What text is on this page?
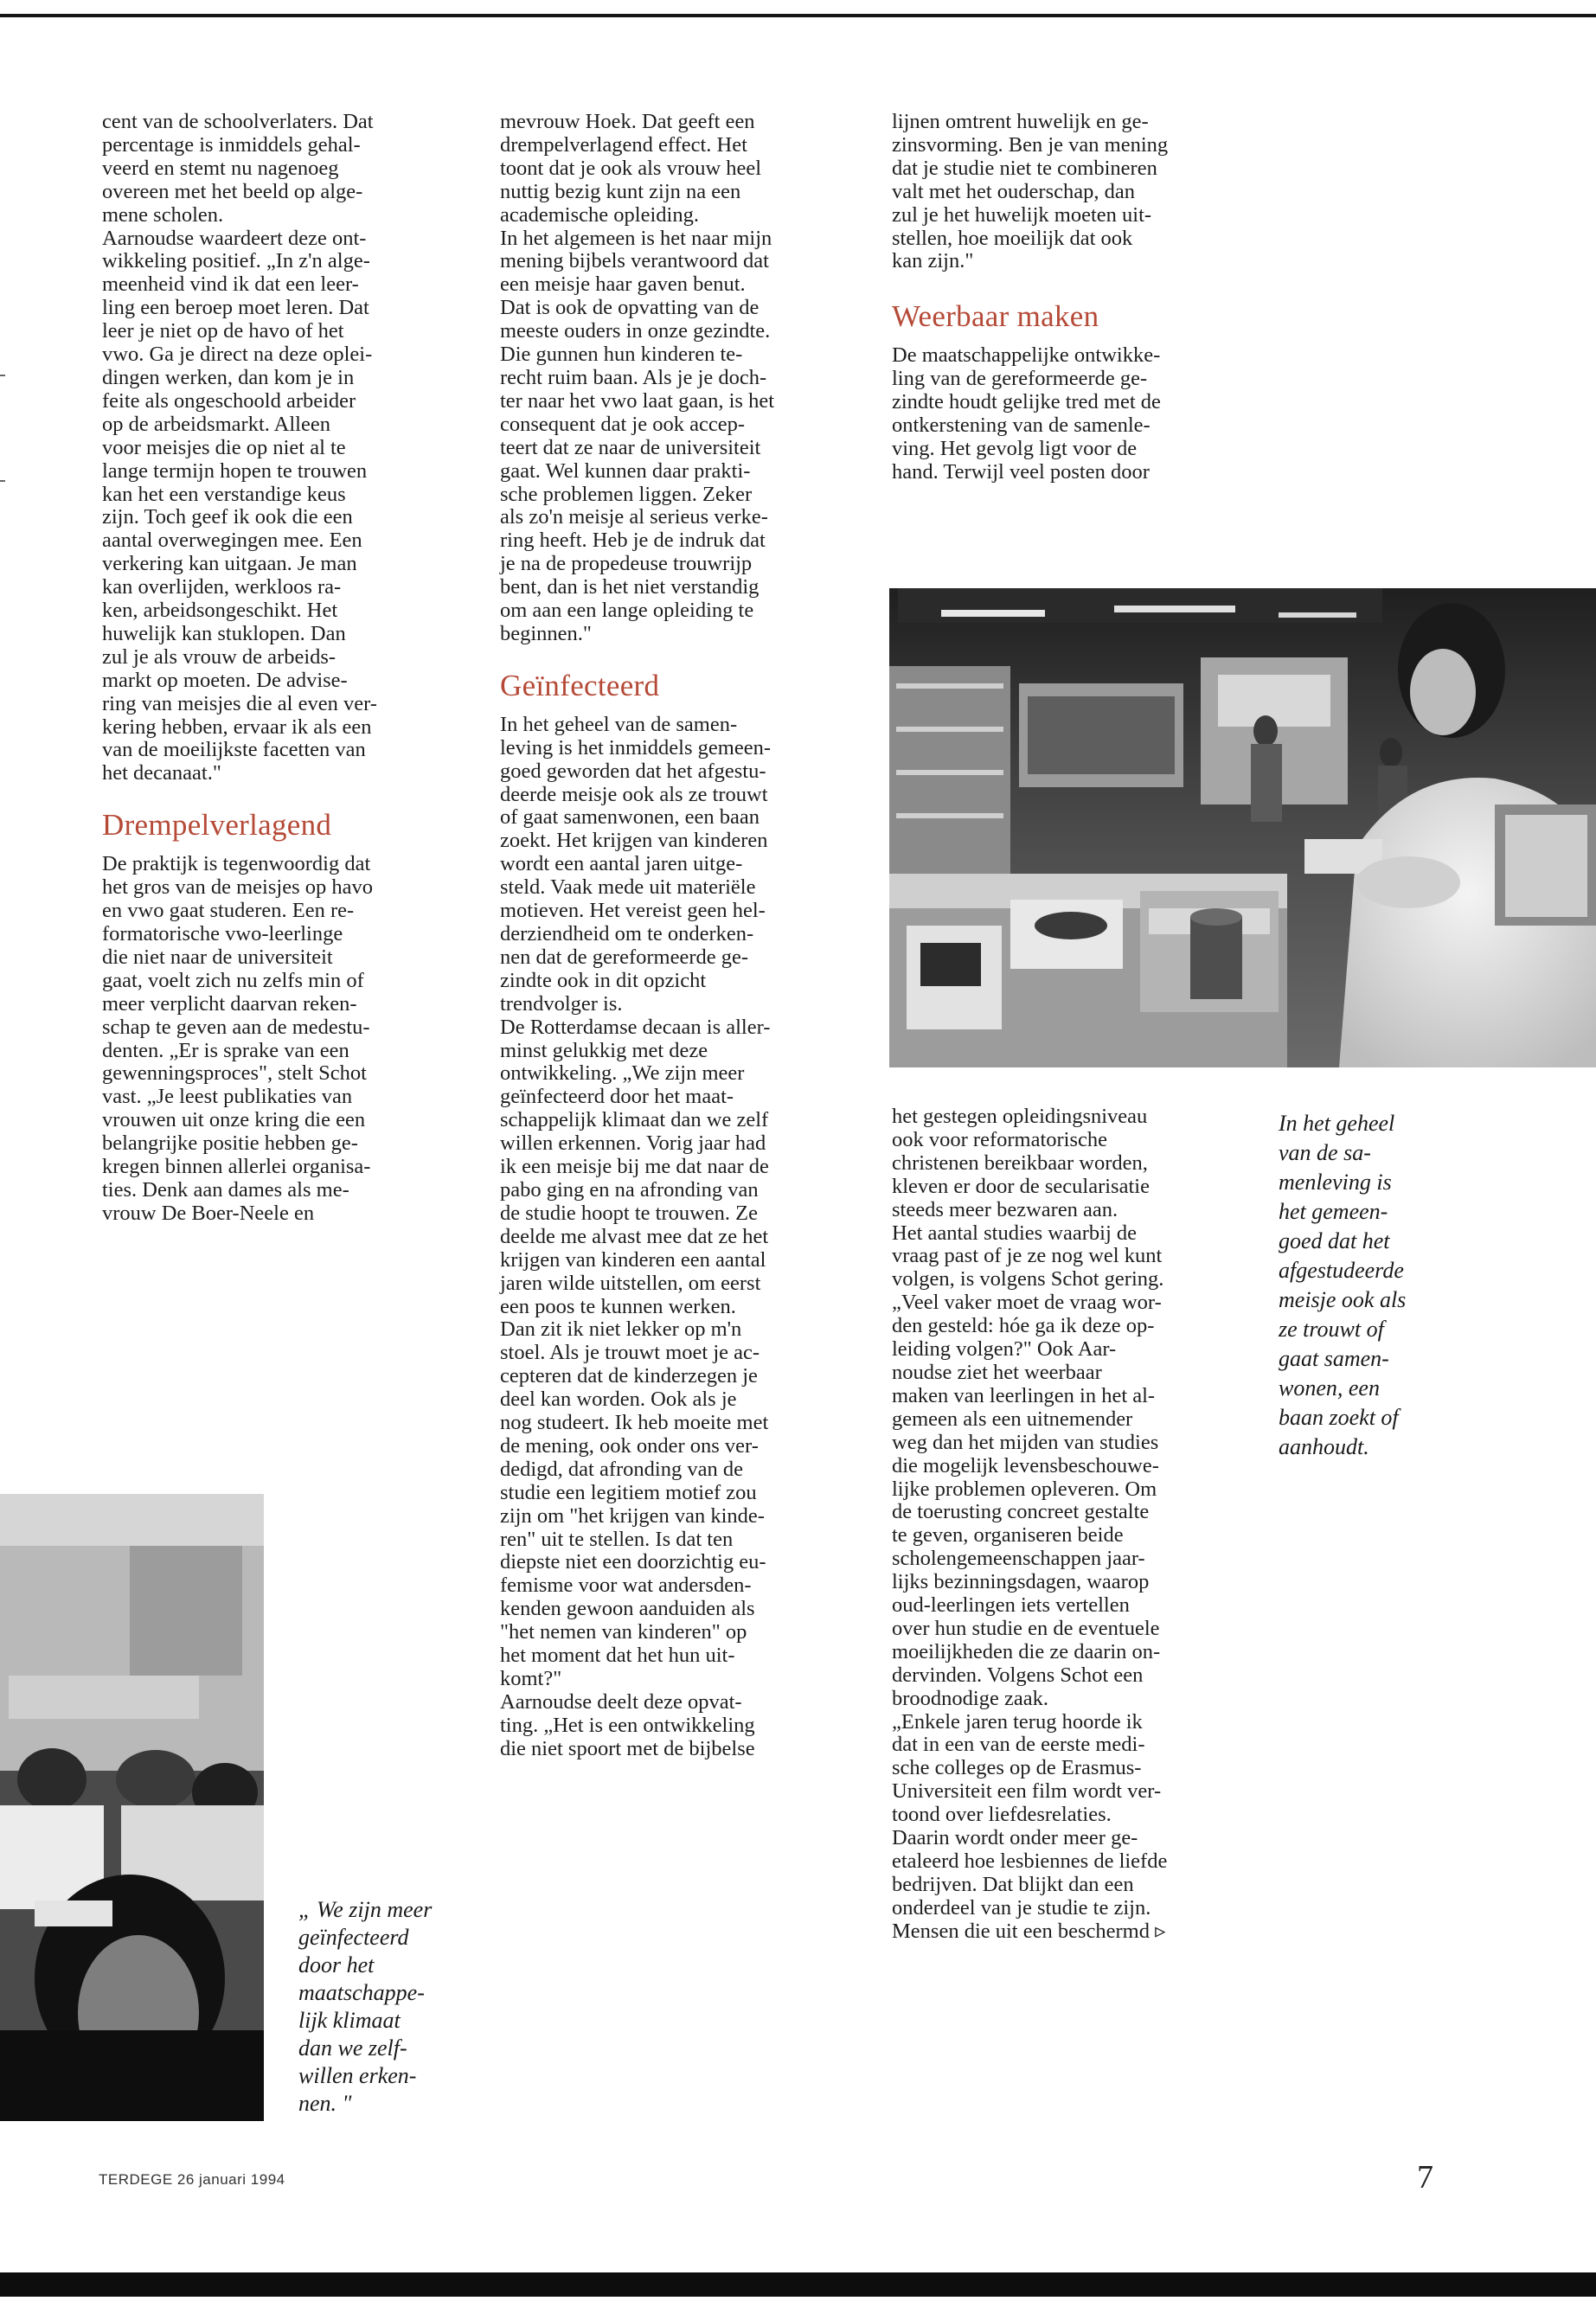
cent van de schoolverlaters. Dat

percentage is inmiddels gehal-

veerd en stemt nu nagenoeg

overeen met het beeld op alge-

mene scholen.

Aarnoudse waardeert deze ont-

wikkeling positief. „In z'n alge-

meenheid vind ik dat een leer-

ling een beroep moet leren. Dat

leer je niet op de havo of het

vwo. Ga je direct na deze oplei-

dingen werken, dan kom je in

feite als ongeschoold arbeider

op de arbeidsmarkt. Alleen

voor meisjes die op niet al te

lange termijn hopen te trouwen

kan het een verstandige keus

zijn. Toch geef ik ook die een

aantal overwegingen mee. Een

verkering kan uitgaan. Je man

kan overlijden, werkloos ra-

ken, arbeidsongeschikt. Het

huwelijk kan stuklopen. Dan

zul je als vrouw de arbeids-

markt op moeten. De advise-

ring van meisjes die al even ver-

kering hebben, ervaar ik als een

van de moeilijkste facetten van

het decanaat."

Drempelverlagend

De praktijk is tegenwoordig dat

het gros van de meisjes op havo

en vwo gaat studeren. Een re-

formatorische vwo-leerlinge

die niet naar de universiteit

gaat, voelt zich nu zelfs min of

meer verplicht daarvan reken-

schap te geven aan de medestu-

denten. „Er is sprake van een

gewenningsproces", stelt Schot

vast. „Je leest publikaties van

vrouwen uit onze kring die een

belangrijke positie hebben ge-

kregen binnen allerlei organisa-

ties. Denk aan dames als me-

vrouw De Boer-Neele en

mevrouw Hoek. Dat geeft een

drempelverlagend effect. Het

toont dat je ook als vrouw heel

nuttig bezig kunt zijn na een

academische opleiding.

In het algemeen is het naar mijn

mening bijbels verantwoord dat

een meisje haar gaven benut.

Dat is ook de opvatting van de

meeste ouders in onze gezindte.

Die gunnen hun kinderen te-

recht ruim baan. Als je je doch-

ter naar het vwo laat gaan, is het

consequent dat je ook accep-

teert dat ze naar de universiteit

gaat. Wel kunnen daar prakti-

sche problemen liggen. Zeker

als zo'n meisje al serieus verke-

ring heeft. Heb je de indruk dat

je na de propedeuse trouwrijp

bent, dan is het niet verstandig

om aan een lange opleiding te

beginnen."

Geïnfecteerd

In het geheel van de samen-

leving is het inmiddels gemeen-

goed geworden dat het afgestu-

deerde meisje ook als ze trouwt

of gaat samenwonen, een baan

zoekt. Het krijgen van kinderen

wordt een aantal jaren uitge-

steld. Vaak mede uit materiële

motieven. Het vereist geen hel-

derziendheid om te onderken-

nen dat de gereformeerde ge-

zindte ook in dit opzicht

trendvolger is.

De Rotterdamse decaan is aller-

minst gelukkig met deze

ontwikkeling. „We zijn meer

geïnfecteerd door het maat-

schappelijk klimaat dan we zelf

willen erkennen. Vorig jaar had

ik een meisje bij me dat naar de

pabo ging en na afronding van

de studie hoopt te trouwen. Ze

deelde me alvast mee dat ze het

krijgen van kinderen een aantal

jaren wilde uitstellen, om eerst

een poos te kunnen werken.

Dan zit ik niet lekker op m'n

stoel. Als je trouwt moet je ac-

cepteren dat de kinderzegen je

deel kan worden. Ook als je

nog studeert. Ik heb moeite met

de mening, ook onder ons ver-

dedigd, dat afronding van de

studie een legitiem motief zou

zijn om "het krijgen van kinde-

ren" uit te stellen. Is dat ten

diepste niet een doorzichtig eu-

femisme voor wat andersden-

kenden gewoon aanduiden als

"het nemen van kinderen" op

het moment dat het hun uit-

komt?"

Aarnoudse deelt deze opvat-

ting. „Het is een ontwikkeling

die niet spoort met de bijbelse

lijnen omtrent huwelijk en ge-

zinsvorming. Ben je van mening

dat je studie niet te combineren

valt met het ouderschap, dan

zul je het huwelijk moeten uit-

stellen, hoe moeilijk dat ook

kan zijn."

Weerbaar maken

De maatschappelijke ontwikke-

ling van de gereformeerde ge-

zindte houdt gelijke tred met de

ontkerstening van de samenle-

ving. Het gevolg ligt voor de

hand. Terwijl veel posten door

het gestegen opleidingsniveau

ook voor reformatorische

christenen bereikbaar worden,

kleven er door de secularisatie

steeds meer bezwaren aan.

Het aantal studies waarbij de

vraag past of je ze nog wel kunt

volgen, is volgens Schot gering.

„Veel vaker moet de vraag wor-

den gesteld: hóe ga ik deze op-

leiding volgen?" Ook Aar-

noudse ziet het weerbaar

maken van leerlingen in het al-

gemeen als een uitnemender

weg dan het mijden van studies

die mogelijk levensbeschouwe-

lijke problemen opleveren. Om

de toerusting concreet gestalte

te geven, organiseren beide

scholengemeenschappen jaar-

lijks bezinningsdagen, waarop

oud-leerlingen iets vertellen

over hun studie en de eventuele

moeilijkheden die ze daarin on-

dervinden. Volgens Schot een

broodnodige zaak.

„Enkele jaren terug hoorde ik

dat in een van de eerste medi-

sche colleges op de Erasmus-

Universiteit een film wordt ver-

toond over liefdesrelaties.

Daarin wordt onder meer ge-

etaleerd hoe lesbiennes de liefde

bedrijven. Dat blijkt dan een

onderdeel van je studie te zijn.

Mensen die uit een beschermd ▹

In het geheel

van de sa-

menleving is

het gemeen-

goed dat het

afgestudeerde

meisje ook als

ze trouwt of

gaat samen-

wonen, een

baan zoekt of

aanhoudt.

„ We zijn meer

geïnfecteerd

door het

maatschappe-

lijk klimaat

dan we zelf-

willen erken-

nen. "

TERDEGE 26 januari 1994	7
